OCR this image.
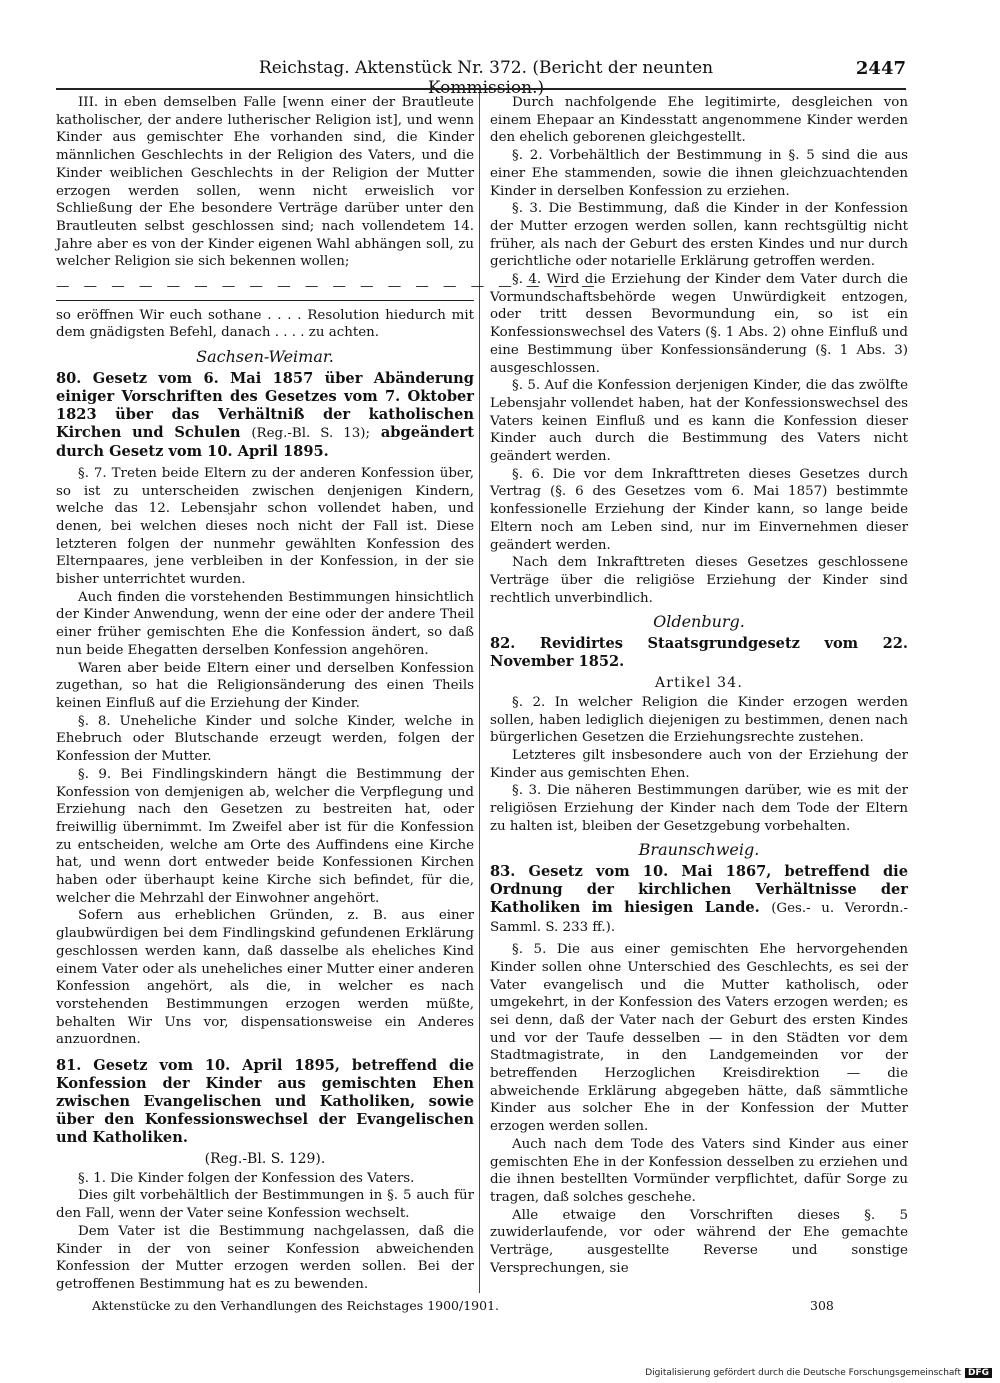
Reichstag. Aktenstück Nr. 372. (Bericht der neunten Kommission.)
2447

III. in eben demselben Falle [wenn einer der Brautleute katholischer, der andere lutherischer Religion ist], und wenn Kinder aus gemischter Ehe vorhanden sind, die Kinder männlichen Geschlechts in der Religion des Vaters, und die Kinder weiblichen Geschlechts in der Religion der Mutter erzogen werden sollen, wenn nicht erweislich vor Schließung der Ehe besondere Verträge darüber unter den Brautleuten selbst geschlossen sind; nach vollendetem 14. Jahre aber es von der Kinder eigenen Wahl abhängen soll, zu welcher Religion sie sich bekennen wollen;

— — — — — — — — — — — — — — — — — — — —

so eröffnen Wir euch sothane . . . . Resolution hiedurch mit dem gnädigsten Befehl, danach . . . . zu achten.

Sachsen-Weimar.

80. Gesetz vom 6. Mai 1857 über Abänderung einiger Vorschriften des Gesetzes vom 7. Oktober 1823 über das Verhältniß der katholischen Kirchen und Schulen (Reg.-Bl. S. 13); abgeändert durch Gesetz vom 10. April 1895.

§. 7. Treten beide Eltern zu der anderen Konfession über, so ist zu unterscheiden zwischen denjenigen Kindern, welche das 12. Lebensjahr schon vollendet haben, und denen, bei welchen dieses noch nicht der Fall ist. Diese letzteren folgen der nunmehr gewählten Konfession des Elternpaares, jene verbleiben in der Konfession, in der sie bisher unterrichtet wurden.

Auch finden die vorstehenden Bestimmungen hinsichtlich der Kinder Anwendung, wenn der eine oder der andere Theil einer früher gemischten Ehe die Konfession ändert, so daß nun beide Ehegatten derselben Konfession angehören.

Waren aber beide Eltern einer und derselben Konfession zugethan, so hat die Religionsänderung des einen Theils keinen Einfluß auf die Erziehung der Kinder.

§. 8. Uneheliche Kinder und solche Kinder, welche in Ehebruch oder Blutschande erzeugt werden, folgen der Konfession der Mutter.

§. 9. Bei Findlingskindern hängt die Bestimmung der Konfession von demjenigen ab, welcher die Verpflegung und Erziehung nach den Gesetzen zu bestreiten hat, oder freiwillig übernimmt. Im Zweifel aber ist für die Konfession zu entscheiden, welche am Orte des Auffindens eine Kirche hat, und wenn dort entweder beide Konfessionen Kirchen haben oder überhaupt keine Kirche sich befindet, für die, welcher die Mehrzahl der Einwohner angehört.

Sofern aus erheblichen Gründen, z. B. aus einer glaubwürdigen bei dem Findlingskind gefundenen Erklärung geschlossen werden kann, daß dasselbe als eheliches Kind einem Vater oder als uneheliches einer Mutter einer anderen Konfession angehört, als die, in welcher es nach vorstehenden Bestimmungen erzogen werden müßte, behalten Wir Uns vor, dispensationsweise ein Anderes anzuordnen.

81. Gesetz vom 10. April 1895, betreffend die Konfession der Kinder aus gemischten Ehen zwischen Evangelischen und Katholiken, sowie über den Konfessionswechsel der Evangelischen und Katholiken.

(Reg.-Bl. S. 129).

§. 1. Die Kinder folgen der Konfession des Vaters.

Dies gilt vorbehältlich der Bestimmungen in §. 5 auch für den Fall, wenn der Vater seine Konfession wechselt.

Dem Vater ist die Bestimmung nachgelassen, daß die Kinder in der von seiner Konfession abweichenden Konfession der Mutter erzogen werden sollen. Bei der getroffenen Bestimmung hat es zu bewenden.

Durch nachfolgende Ehe legitimirte, desgleichen von einem Ehepaar an Kindesstatt angenommene Kinder werden den ehelich geborenen gleichgestellt.

§. 2. Vorbehältlich der Bestimmung in §. 5 sind die aus einer Ehe stammenden, sowie die ihnen gleichzuachtenden Kinder in derselben Konfession zu erziehen.

§. 3. Die Bestimmung, daß die Kinder in der Konfession der Mutter erzogen werden sollen, kann rechtsgültig nicht früher, als nach der Geburt des ersten Kindes und nur durch gerichtliche oder notarielle Erklärung getroffen werden.

§. 4. Wird die Erziehung der Kinder dem Vater durch die Vormundschaftsbehörde wegen Unwürdigkeit entzogen, oder tritt dessen Bevormundung ein, so ist ein Konfessionswechsel des Vaters (§. 1 Abs. 2) ohne Einfluß und eine Bestimmung über Konfessionsänderung (§. 1 Abs. 3) ausgeschlossen.

§. 5. Auf die Konfession derjenigen Kinder, die das zwölfte Lebensjahr vollendet haben, hat der Konfessionswechsel des Vaters keinen Einfluß und es kann die Konfession dieser Kinder auch durch die Bestimmung des Vaters nicht geändert werden.

§. 6. Die vor dem Inkrafttreten dieses Gesetzes durch Vertrag (§. 6 des Gesetzes vom 6. Mai 1857) bestimmte konfessionelle Erziehung der Kinder kann, so lange beide Eltern noch am Leben sind, nur im Einvernehmen dieser geändert werden.

Nach dem Inkrafttreten dieses Gesetzes geschlossene Verträge über die religiöse Erziehung der Kinder sind rechtlich unverbindlich.

Oldenburg.

82. Revidirtes Staatsgrundgesetz vom 22. November 1852.

Artikel 34.

§. 2. In welcher Religion die Kinder erzogen werden sollen, haben lediglich diejenigen zu bestimmen, denen nach bürgerlichen Gesetzen die Erziehungsrechte zustehen.

Letzteres gilt insbesondere auch von der Erziehung der Kinder aus gemischten Ehen.

§. 3. Die näheren Bestimmungen darüber, wie es mit der religiösen Erziehung der Kinder nach dem Tode der Eltern zu halten ist, bleiben der Gesetzgebung vorbehalten.

Braunschweig.

83. Gesetz vom 10. Mai 1867, betreffend die Ordnung der kirchlichen Verhältnisse der Katholiken im hiesigen Lande. (Ges.- u. Verordn.-Samml. S. 233 ff.).

§. 5. Die aus einer gemischten Ehe hervorgehenden Kinder sollen ohne Unterschied des Geschlechts, es sei der Vater evangelisch und die Mutter katholisch, oder umgekehrt, in der Konfession des Vaters erzogen werden; es sei denn, daß der Vater nach der Geburt des ersten Kindes und vor der Taufe desselben — in den Städten vor dem Stadtmagistrate, in den Landgemeinden vor der betreffenden Herzoglichen Kreisdirektion — die abweichende Erklärung abgegeben hätte, daß sämmtliche Kinder aus solcher Ehe in der Konfession der Mutter erzogen werden sollen.

Auch nach dem Tode des Vaters sind Kinder aus einer gemischten Ehe in der Konfession desselben zu erziehen und die ihnen bestellten Vormünder verpflichtet, dafür Sorge zu tragen, daß solches geschehe.

Alle etwaige den Vorschriften dieses §. 5 zuwiderlaufende, vor oder während der Ehe gemachte Verträge, ausgestellte Reverse und sonstige Versprechungen, sie

Aktenstücke zu den Verhandlungen des Reichstages 1900/1901.	308
Digitalisierung gefördert durch die Deutsche Forschungsgemeinschaft DFG
